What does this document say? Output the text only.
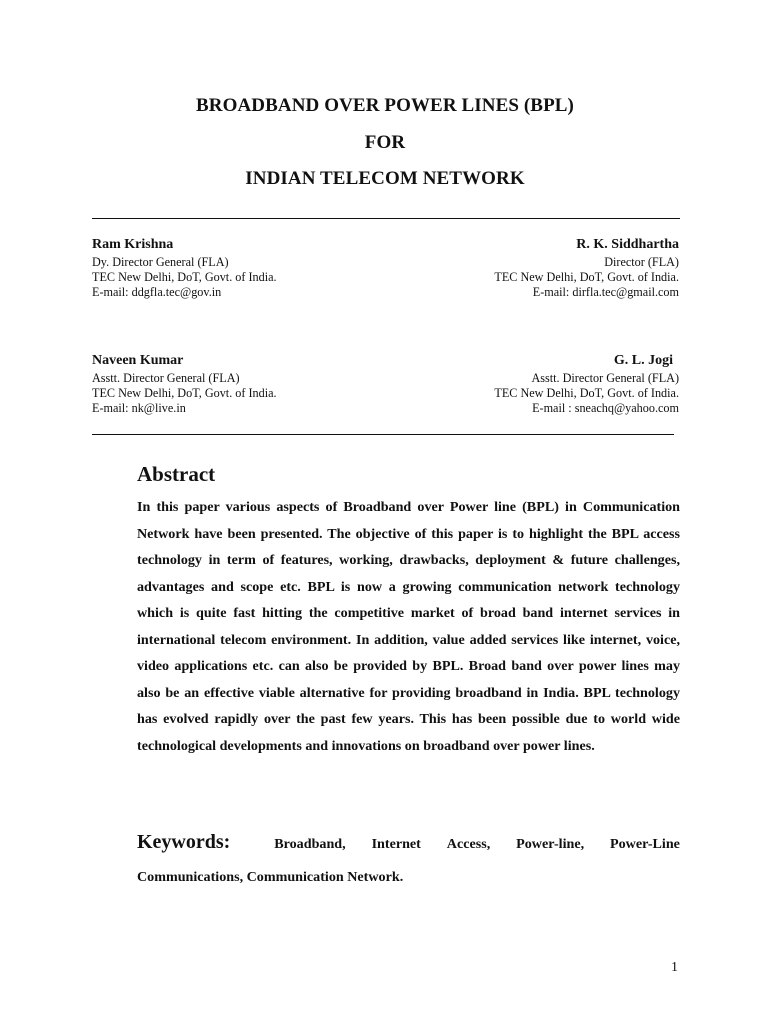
BROADBAND OVER POWER LINES (BPL)
FOR
INDIAN TELECOM NETWORK
Ram Krishna
Dy. Director General (FLA)
TEC New Delhi, DoT, Govt. of India.
E-mail: ddgfla.tec@gov.in
R. K. Siddhartha
Director (FLA)
TEC New Delhi, DoT, Govt. of India.
E-mail: dirfla.tec@gmail.com
Naveen Kumar
Asstt. Director General (FLA)
TEC New Delhi, DoT, Govt. of India.
E-mail: nk@live.in
G. L. Jogi
Asstt. Director General (FLA)
TEC New Delhi, DoT, Govt. of India.
E-mail : sneachq@yahoo.com
Abstract
In this paper various aspects of Broadband over Power line (BPL) in Communication Network have been presented. The objective of this paper is to highlight the BPL access technology in term of features, working, drawbacks, deployment & future challenges, advantages and scope etc. BPL is now a growing communication network technology which is quite fast hitting the competitive market of broad band internet services in international telecom environment. In addition, value added services like internet, voice, video applications etc. can also be provided by BPL. Broad band over power lines may also be an effective viable alternative for providing broadband in India. BPL technology has evolved rapidly over the past few years. This has been possible due to world wide technological developments and innovations on broadband over power lines.
Keywords:	Broadband, Internet Access, Power-line, Power-Line
Communications, Communication Network.
1
